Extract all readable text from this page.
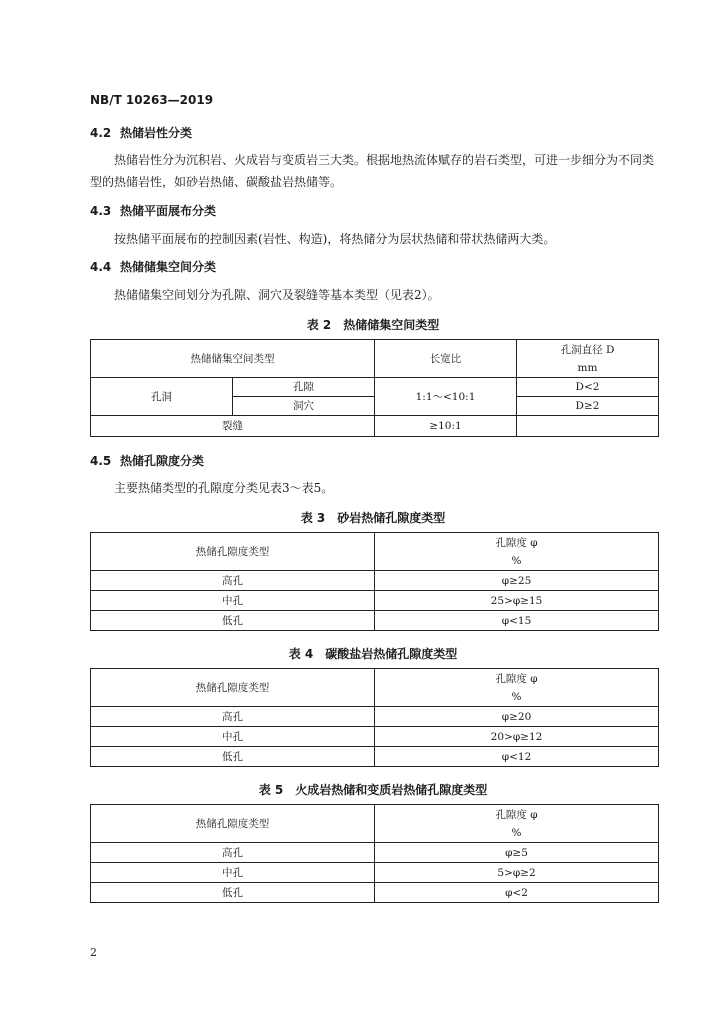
NB/T 10263—2019
4.2 热储岩性分类
热储岩性分为沉积岩、火成岩与变质岩三大类。根据地热流体赋存的岩石类型，可进一步细分为不同类型的热储岩性，如砂岩热储、碳酸盐岩热储等。
4.3 热储平面展布分类
按热储平面展布的控制因素(岩性、构造)，将热储分为层状热储和带状热储两大类。
4.4 热储储集空间分类
热储储集空间划分为孔隙、洞穴及裂缝等基本类型（见表2）。
表 2　热储储集空间类型
热储储集空间类型		长宽比	孔洞直径 D
mm

孔洞	孔隙	1:1～<10:1	D<2
	洞穴		D≥2
裂缝		≥10:1	
4.5 热储孔隙度分类
主要热储类型的孔隙度分类见表3～表5。
表 3　砂岩热储孔隙度类型
热储孔隙度类型	孔隙度 φ
%

高孔	φ≥25
中孔	25>φ≥15
低孔	φ<15
表 4　碳酸盐岩热储孔隙度类型
热储孔隙度类型	孔隙度 φ
%

高孔	φ≥20
中孔	20>φ≥12
低孔	φ<12
表 5　火成岩热储和变质岩热储孔隙度类型
热储孔隙度类型	孔隙度 φ
%

高孔	φ≥5
中孔	5>φ≥2
低孔	φ<2
2
